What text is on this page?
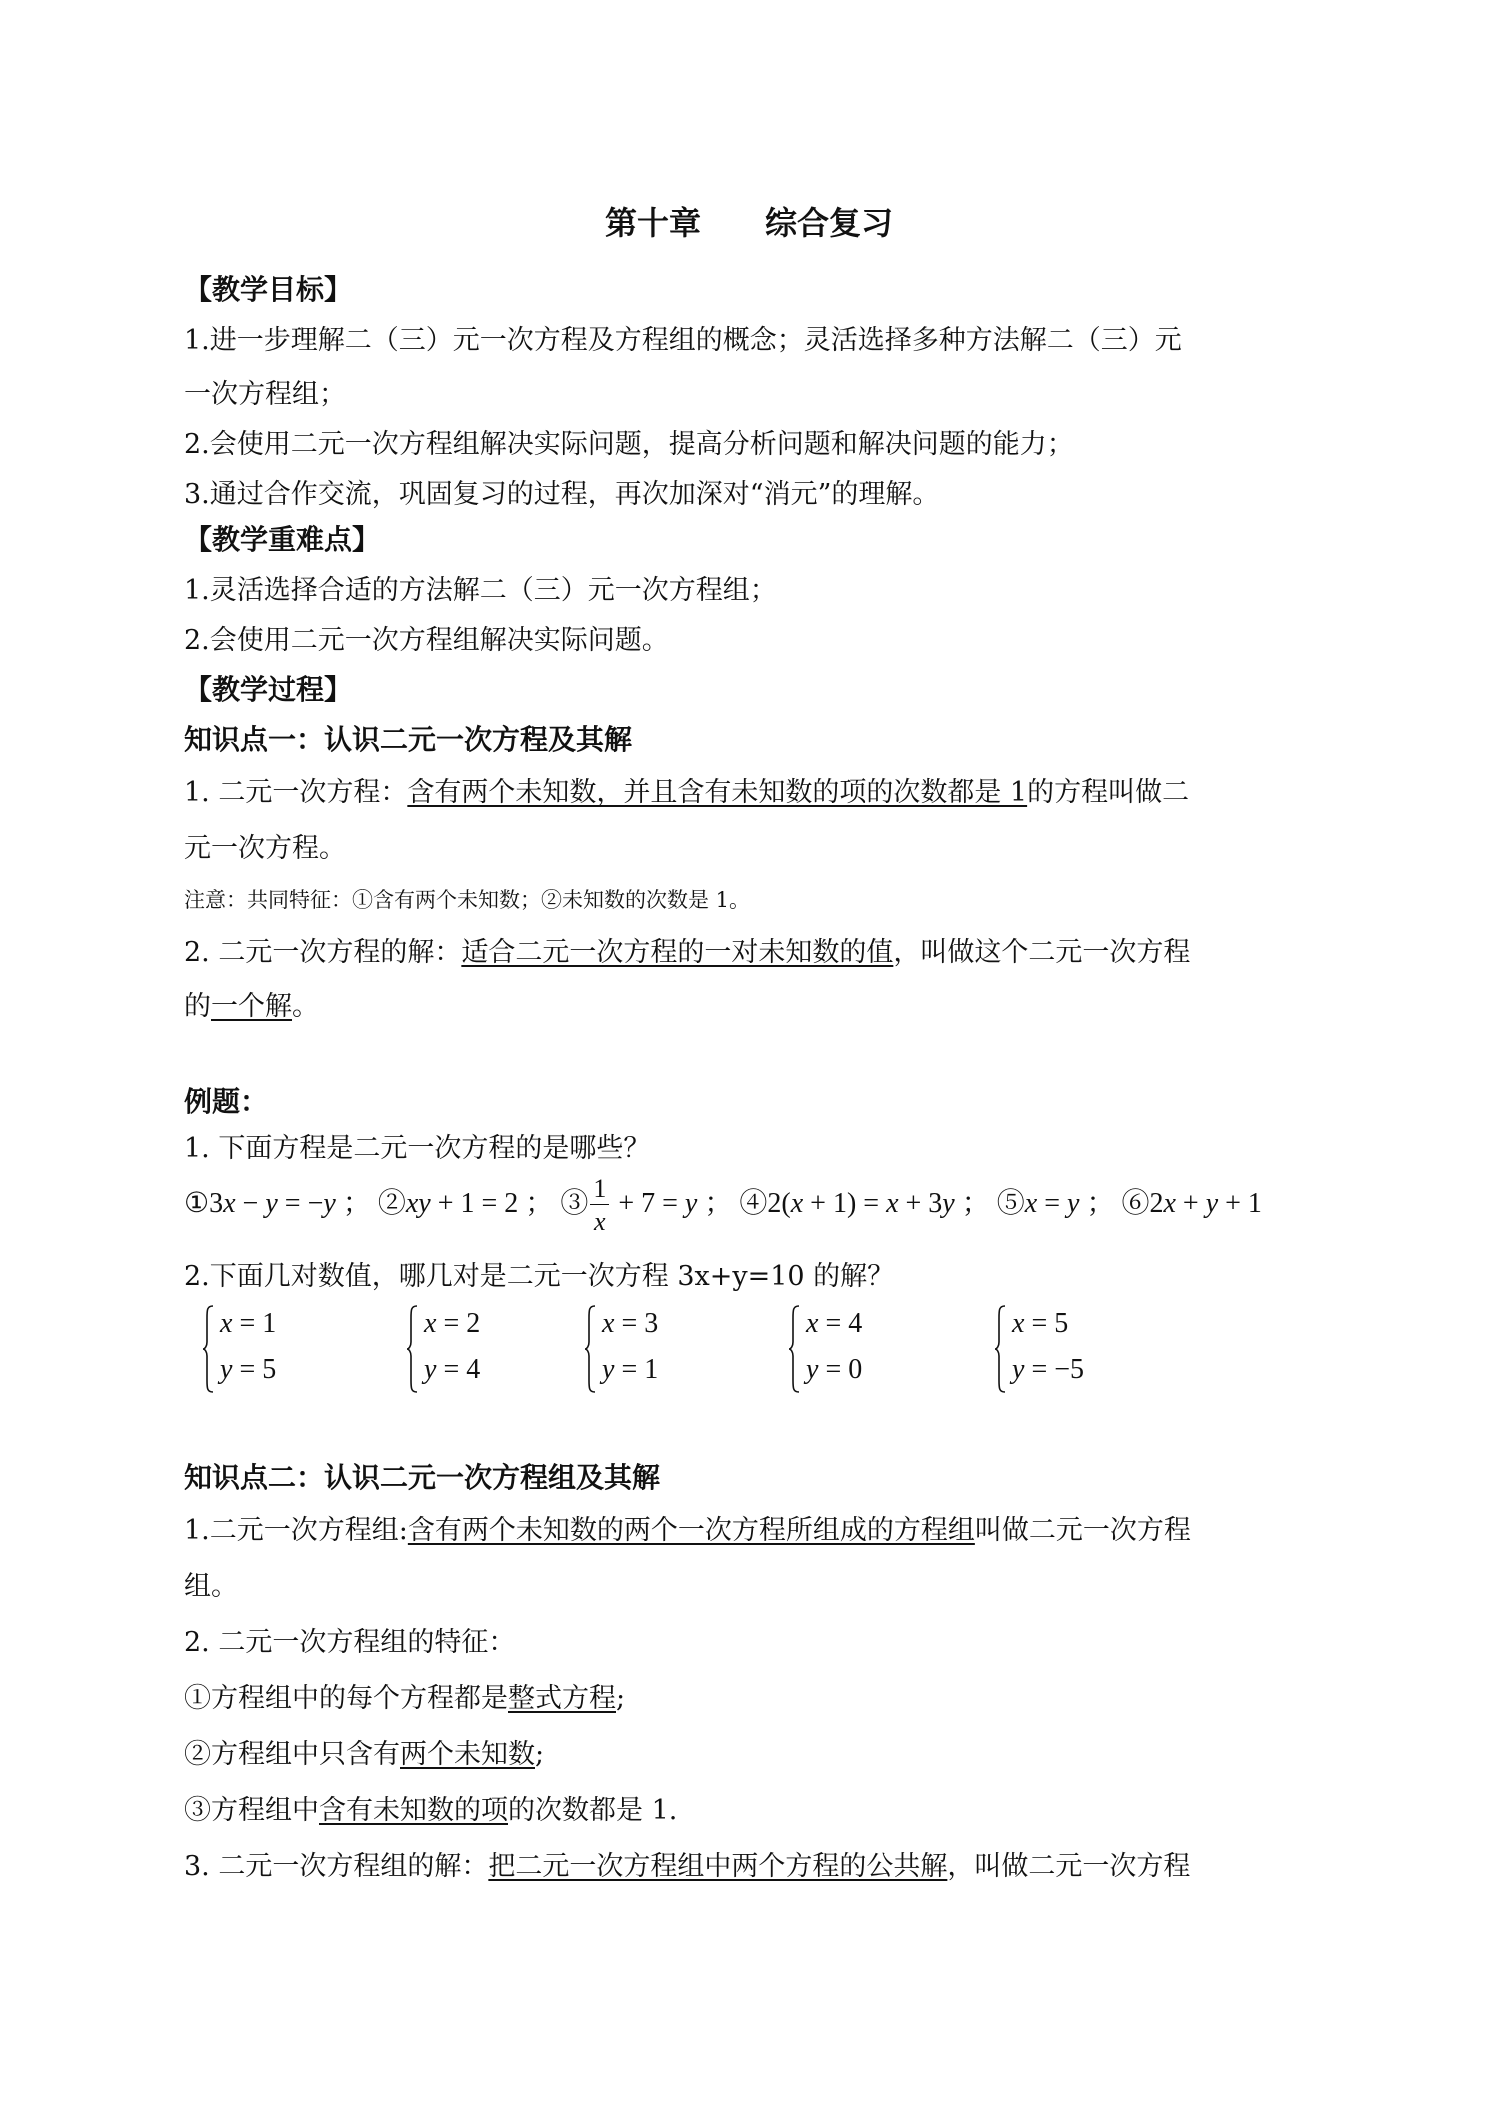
第十章　　综合复习
【教学目标】
1.进一步理解二（三）元一次方程及方程组的概念；灵活选择多种方法解二（三）元
一次方程组；
2.会使用二元一次方程组解决实际问题，提高分析问题和解决问题的能力；
3.通过合作交流，巩固复习的过程，再次加深对“消元”的理解。
【教学重难点】
1.灵活选择合适的方法解二（三）元一次方程组；
2.会使用二元一次方程组解决实际问题。
【教学过程】
知识点一：认识二元一次方程及其解
1. 二元一次方程：含有两个未知数，并且含有未知数的项的次数都是 1的方程叫做二
元一次方程。
注意：共同特征：①含有两个未知数；②未知数的次数是 1。
2. 二元一次方程的解：适合二元一次方程的一对未知数的值，叫做这个二元一次方程
的一个解。
例题：
1. 下面方程是二元一次方程的是哪些？
①3x − y = −y ； ②xy + 1 = 2 ； ③ $\frac{1}{x} + 7 = y$ ； ④2(x + 1) = x + 3y ； ⑤x = y ； ⑥2x + y + 1
2.下面几对数值，哪几对是二元一次方程 3x+y=10 的解？
x = 1
y = 5
x = 2
y = 4
x = 3
y = 1
x = 4
y = 0
x = 5
y = −5
知识点二：认识二元一次方程组及其解
1.二元一次方程组:含有两个未知数的两个一次方程所组成的方程组叫做二元一次方程
组。
2. 二元一次方程组的特征：
①方程组中的每个方程都是整式方程;
②方程组中只含有两个未知数;
③方程组中含有未知数的项的次数都是 1.
3. 二元一次方程组的解：把二元一次方程组中两个方程的公共解，叫做二元一次方程
